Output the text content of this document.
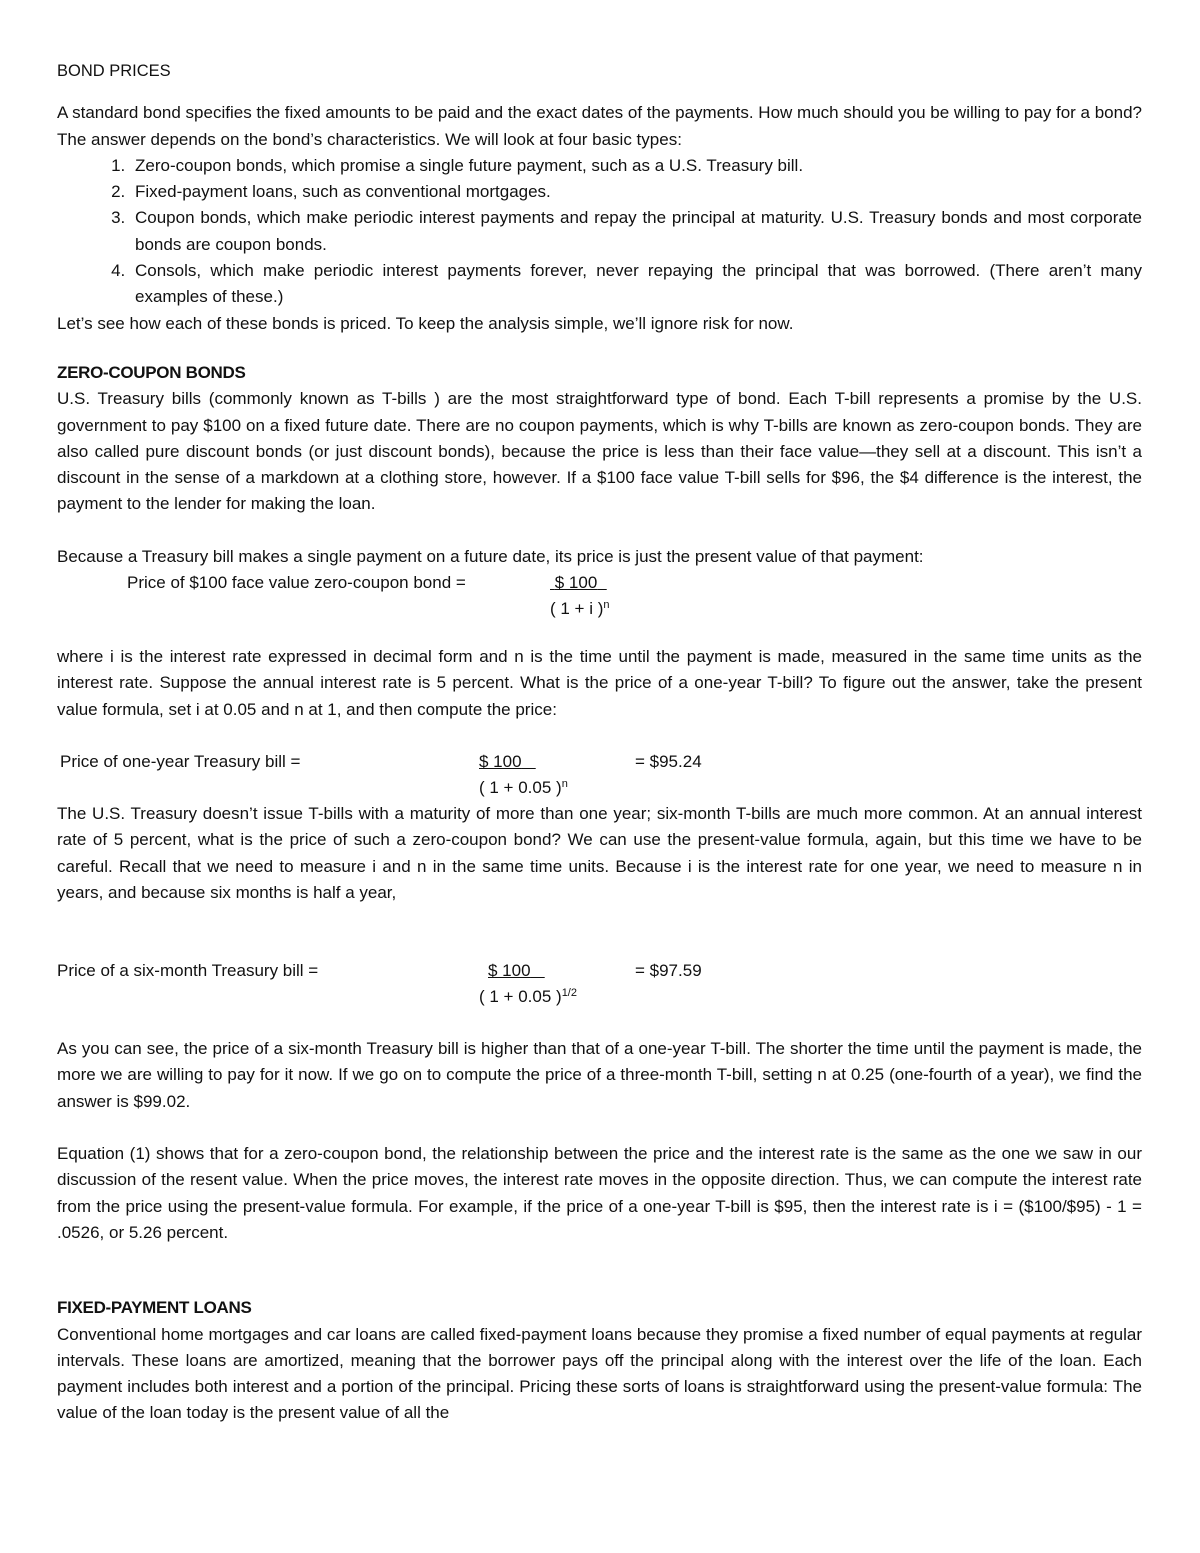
BOND PRICES

A standard bond specifies the fixed amounts to be paid and the exact dates of the payments. How much should you be willing to pay for a bond? The answer depends on the bond’s characteristics. We will look at four basic types:

1. Zero-coupon bonds, which promise a single future payment, such as a U.S. Treasury bill.
2. Fixed-payment loans, such as conventional mortgages.
3. Coupon bonds, which make periodic interest payments and repay the principal at maturity. U.S. Treasury bonds and most corporate bonds are coupon bonds.
4. Consols, which make periodic interest payments forever, never repaying the principal that was borrowed. (There aren’t many examples of these.)

Let’s see how each of these bonds is priced. To keep the analysis simple, we’ll ignore risk for now.

ZERO-COUPON BONDS

U.S. Treasury bills (commonly known as T-bills ) are the most straightforward type of bond. Each T-bill represents a promise by the U.S. government to pay $100 on a fixed future date. There are no coupon payments, which is why T-bills are known as zero-coupon bonds. They are also called pure discount bonds (or just discount bonds), because the price is less than their face value—they sell at a discount. This isn’t a discount in the sense of a markdown at a clothing store, however. If a $100 face value T-bill sells for $96, the $4 difference is the interest, the payment to the lender for making the loan.

Because a Treasury bill makes a single payment on a future date, its price is just the present value of that payment:

Price of $100 face value zero-coupon bond =	$ 100
( 1 + i )$^n$

where i is the interest rate expressed in decimal form and n is the time until the payment is made, measured in the same time units as the interest rate. Suppose the annual interest rate is 5 percent. What is the price of a one-year T-bill? To figure out the answer, take the present value formula, set i at 0.05 and n at 1, and then compute the price:

Price of one-year Treasury bill =	$ 100
( 1 + 0.05 )$^n$
= $95.24

The U.S. Treasury doesn’t issue T-bills with a maturity of more than one year; six-month T-bills are much more common. At an annual interest rate of 5 percent, what is the price of such a zero-coupon bond? We can use the present-value formula, again, but this time we have to be careful. Recall that we need to measure i and n in the same time units. Because i is the interest rate for one year, we need to measure n in years, and because six months is half a year,

Price of a six-month Treasury bill =	$ 100
( 1 + 0.05 )$^{1/2}$
= $97.59

As you can see, the price of a six-month Treasury bill is higher than that of a one-year T-bill. The shorter the time until the payment is made, the more we are willing to pay for it now. If we go on to compute the price of a three-month T-bill, setting n at 0.25 (one-fourth of a year), we find the answer is $99.02.

Equation (1) shows that for a zero-coupon bond, the relationship between the price and the interest rate is the same as the one we saw in our discussion of the resent value. When the price moves, the interest rate moves in the opposite direction. Thus, we can compute the interest rate from the price using the present-value formula. For example, if the price of a one-year T-bill is $95, then the interest rate is i = ($100/$95) - 1 = .0526, or 5.26 percent.

FIXED-PAYMENT LOANS

Conventional home mortgages and car loans are called fixed-payment loans because they promise a fixed number of equal payments at regular intervals. These loans are amortized, meaning that the borrower pays off the principal along with the interest over the life of the loan. Each payment includes both interest and a portion of the principal. Pricing these sorts of loans is straightforward using the present-value formula: The value of the loan today is the present value of all the
